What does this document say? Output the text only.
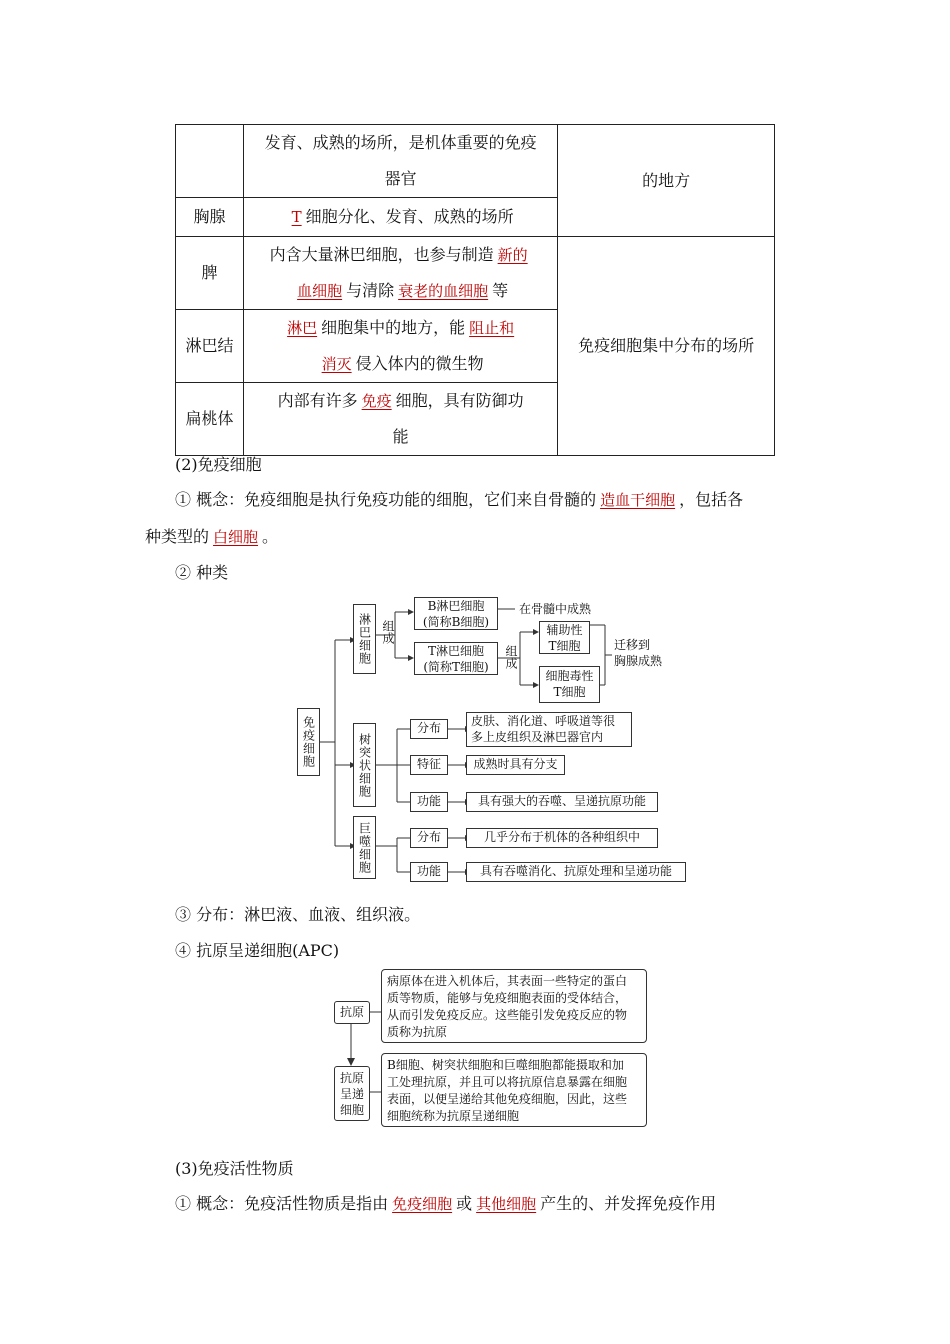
	发育、成熟的场所，是机体重要的免疫
器官	的地方
胸腺	T 细胞分化、发育、成熟的场所	
脾	内含大量淋巴细胞，也参与制造 新的
血细胞 与清除 衰老的血细胞 等	免疫细胞集中分布的场所
淋巴结	淋巴 细胞集中的地方，能 阻止和
消灭 侵入体内的微生物	
扁桃体	内部有许多 免疫 细胞，具有防御功
能	
(2)免疫细胞
① 概念：免疫细胞是执行免疫功能的细胞，它们来自骨髓的 造血干细胞 ，包括各
种类型的 白细胞 。
② 种类
免疫细胞
淋巴细胞 组成
B淋巴细胞
(简称B细胞)
在骨髓中成熟
T淋巴细胞
(简称T细胞)	组成
辅助性
T细胞
细胞毒性
T细胞
迁移到
胸腺成熟
树突状细胞
分布	皮肤、消化道、呼吸道等很
多上皮组织及淋巴器官内
特征	成熟时具有分支
功能	具有强大的吞噬、呈递抗原功能
巨噬细胞	分布	几乎分布于机体的各种组织中
功能	具有吞噬消化、抗原处理和呈递功能
③ 分布：淋巴液、血液、组织液。
④ 抗原呈递细胞(APC)
抗原
病原体在进入机体后，其表面一些特定的蛋白
质等物质，能够与免疫细胞表面的受体结合，
从而引发免疫反应。这些能引发免疫反应的物
质称为抗原
抗原呈递细胞
B细胞、树突状细胞和巨噬细胞都能摄取和加
工处理抗原，并且可以将抗原信息暴露在细胞
表面，以便呈递给其他免疫细胞，因此，这些
细胞统称为抗原呈递细胞
(3)免疫活性物质
① 概念：免疫活性物质是指由 免疫细胞 或 其他细胞 产生的、并发挥免疫作用
